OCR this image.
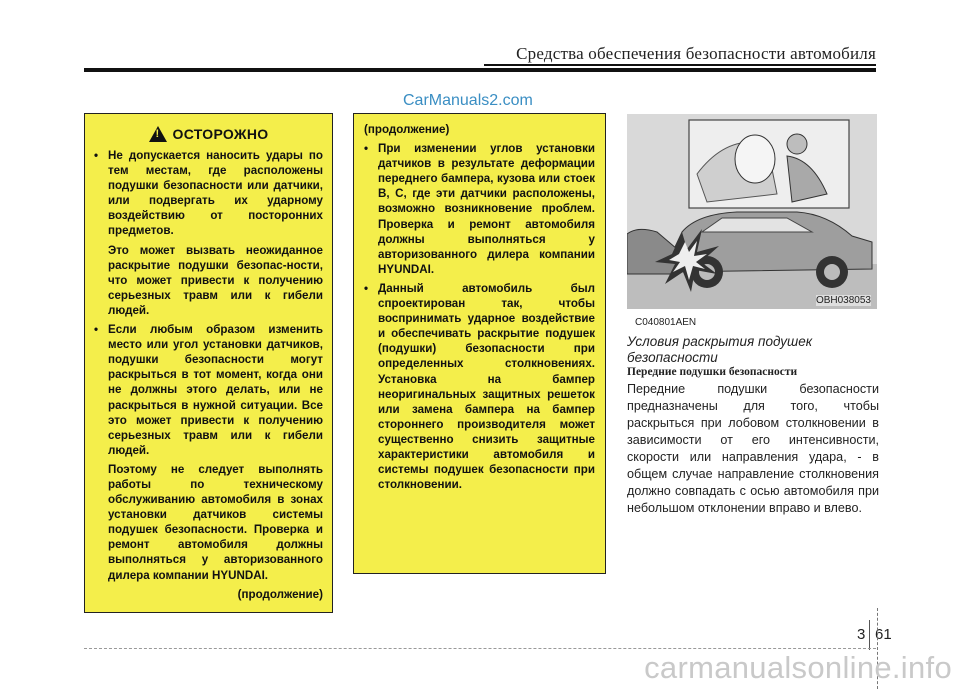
Средства обеспечения безопасности автомобиля
CarManuals2.com
!
ОСТОРОЖНО
• Не допускается наносить удары по тем местам, где расположены подушки безопасности или датчики, или подвергать их ударному воздействию от посторонних предметов.
Это может вызвать неожиданное раскрытие подушки безопас-ности, что может привести к получению серьезных травм или к гибели людей.
• Если любым образом изменить место или угол установки датчиков, подушки безопасности могут раскрыться в тот момент, когда они не должны этого делать, или не раскрыться в нужной ситуации. Все это может привести к получению серьезных травм или к гибели людей.
Поэтому не следует выполнять работы по техническому обслуживанию автомобиля в зонах установки датчиков системы подушек безопасности. Проверка и ремонт автомобиля должны выполняться у авторизованного дилера компании HYUNDAI.
(продолжение)
(продолжение)
• При изменении углов установки датчиков в результате деформации переднего бампера, кузова или стоек B, C, где эти датчики расположены, возможно возникновение проблем. Проверка и ремонт автомобиля должны выполняться у авторизованного дилера компании HYUNDAI.
• Данный автомобиль был спроектирован так, чтобы воспринимать ударное воздействие и обеспечивать раскрытие подушек (подушки) безопасности при определенных столкновениях. Установка на бампер неоригинальных защитных решеток или замена бампера на бампер стороннего производителя может существенно снизить защитные характеристики автомобиля и системы подушек безопасности при столкновении.
OBH038053
C040801AEN
Условия раскрытия подушек безопасности
Передние подушки безопасности
Передние подушки безопасности предназначены для того, чтобы раскрыться при лобовом столкновении в зависимости от его интенсивности, скорости или направления удара, - в общем случае направление столкновения должно совпадать с осью автомобиля при небольшом отклонении вправо и влево.
3 61
carmanualsonline.info
